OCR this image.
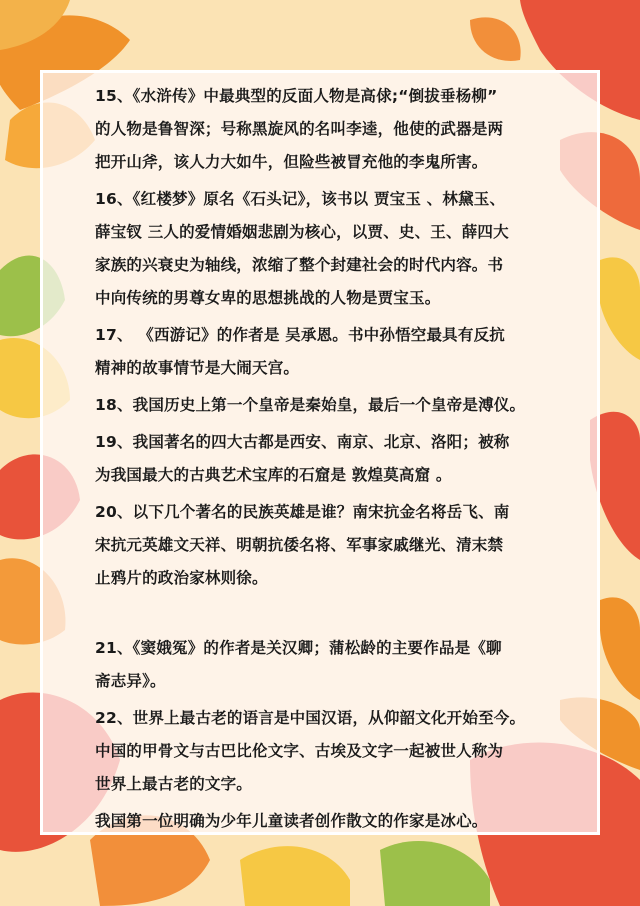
15、《水浒传》中最典型的反面人物是高俅;“倒拔垂杨柳”
的人物是鲁智深；号称黑旋风的名叫李逵，他使的武器是两
把开山斧，该人力大如牛，但险些被冒充他的李鬼所害。
16、《红楼梦》原名《石头记》，该书以 贾宝玉 、林黛玉、
薛宝钗 三人的爱情婚姻悲剧为核心，以贾、史、王、薛四大
家族的兴衰史为轴线，浓缩了整个封建社会的时代内容。书
中向传统的男尊女卑的思想挑战的人物是贾宝玉。
17、 《西游记》的作者是 吴承恩。书中孙悟空最具有反抗
精神的故事情节是大闹天宫。
18、我国历史上第一个皇帝是秦始皇，最后一个皇帝是溥仪。
19、我国著名的四大古都是西安、南京、北京、洛阳；被称
为我国最大的古典艺术宝库的石窟是 敦煌莫高窟 。
20、以下几个著名的民族英雄是谁？南宋抗金名将岳飞、南
宋抗元英雄文天祥、明朝抗倭名将、军事家戚继光、清末禁
止鸦片的政治家林则徐。
21、《窦娥冤》的作者是关汉卿；蒲松龄的主要作品是《聊
斋志异》。
22、世界上最古老的语言是中国汉语，从仰韶文化开始至今。
中国的甲骨文与古巴比伦文字、古埃及文字一起被世人称为
世界上最古老的文字。
我国第一位明确为少年儿童读者创作散文的作家是冰心。
